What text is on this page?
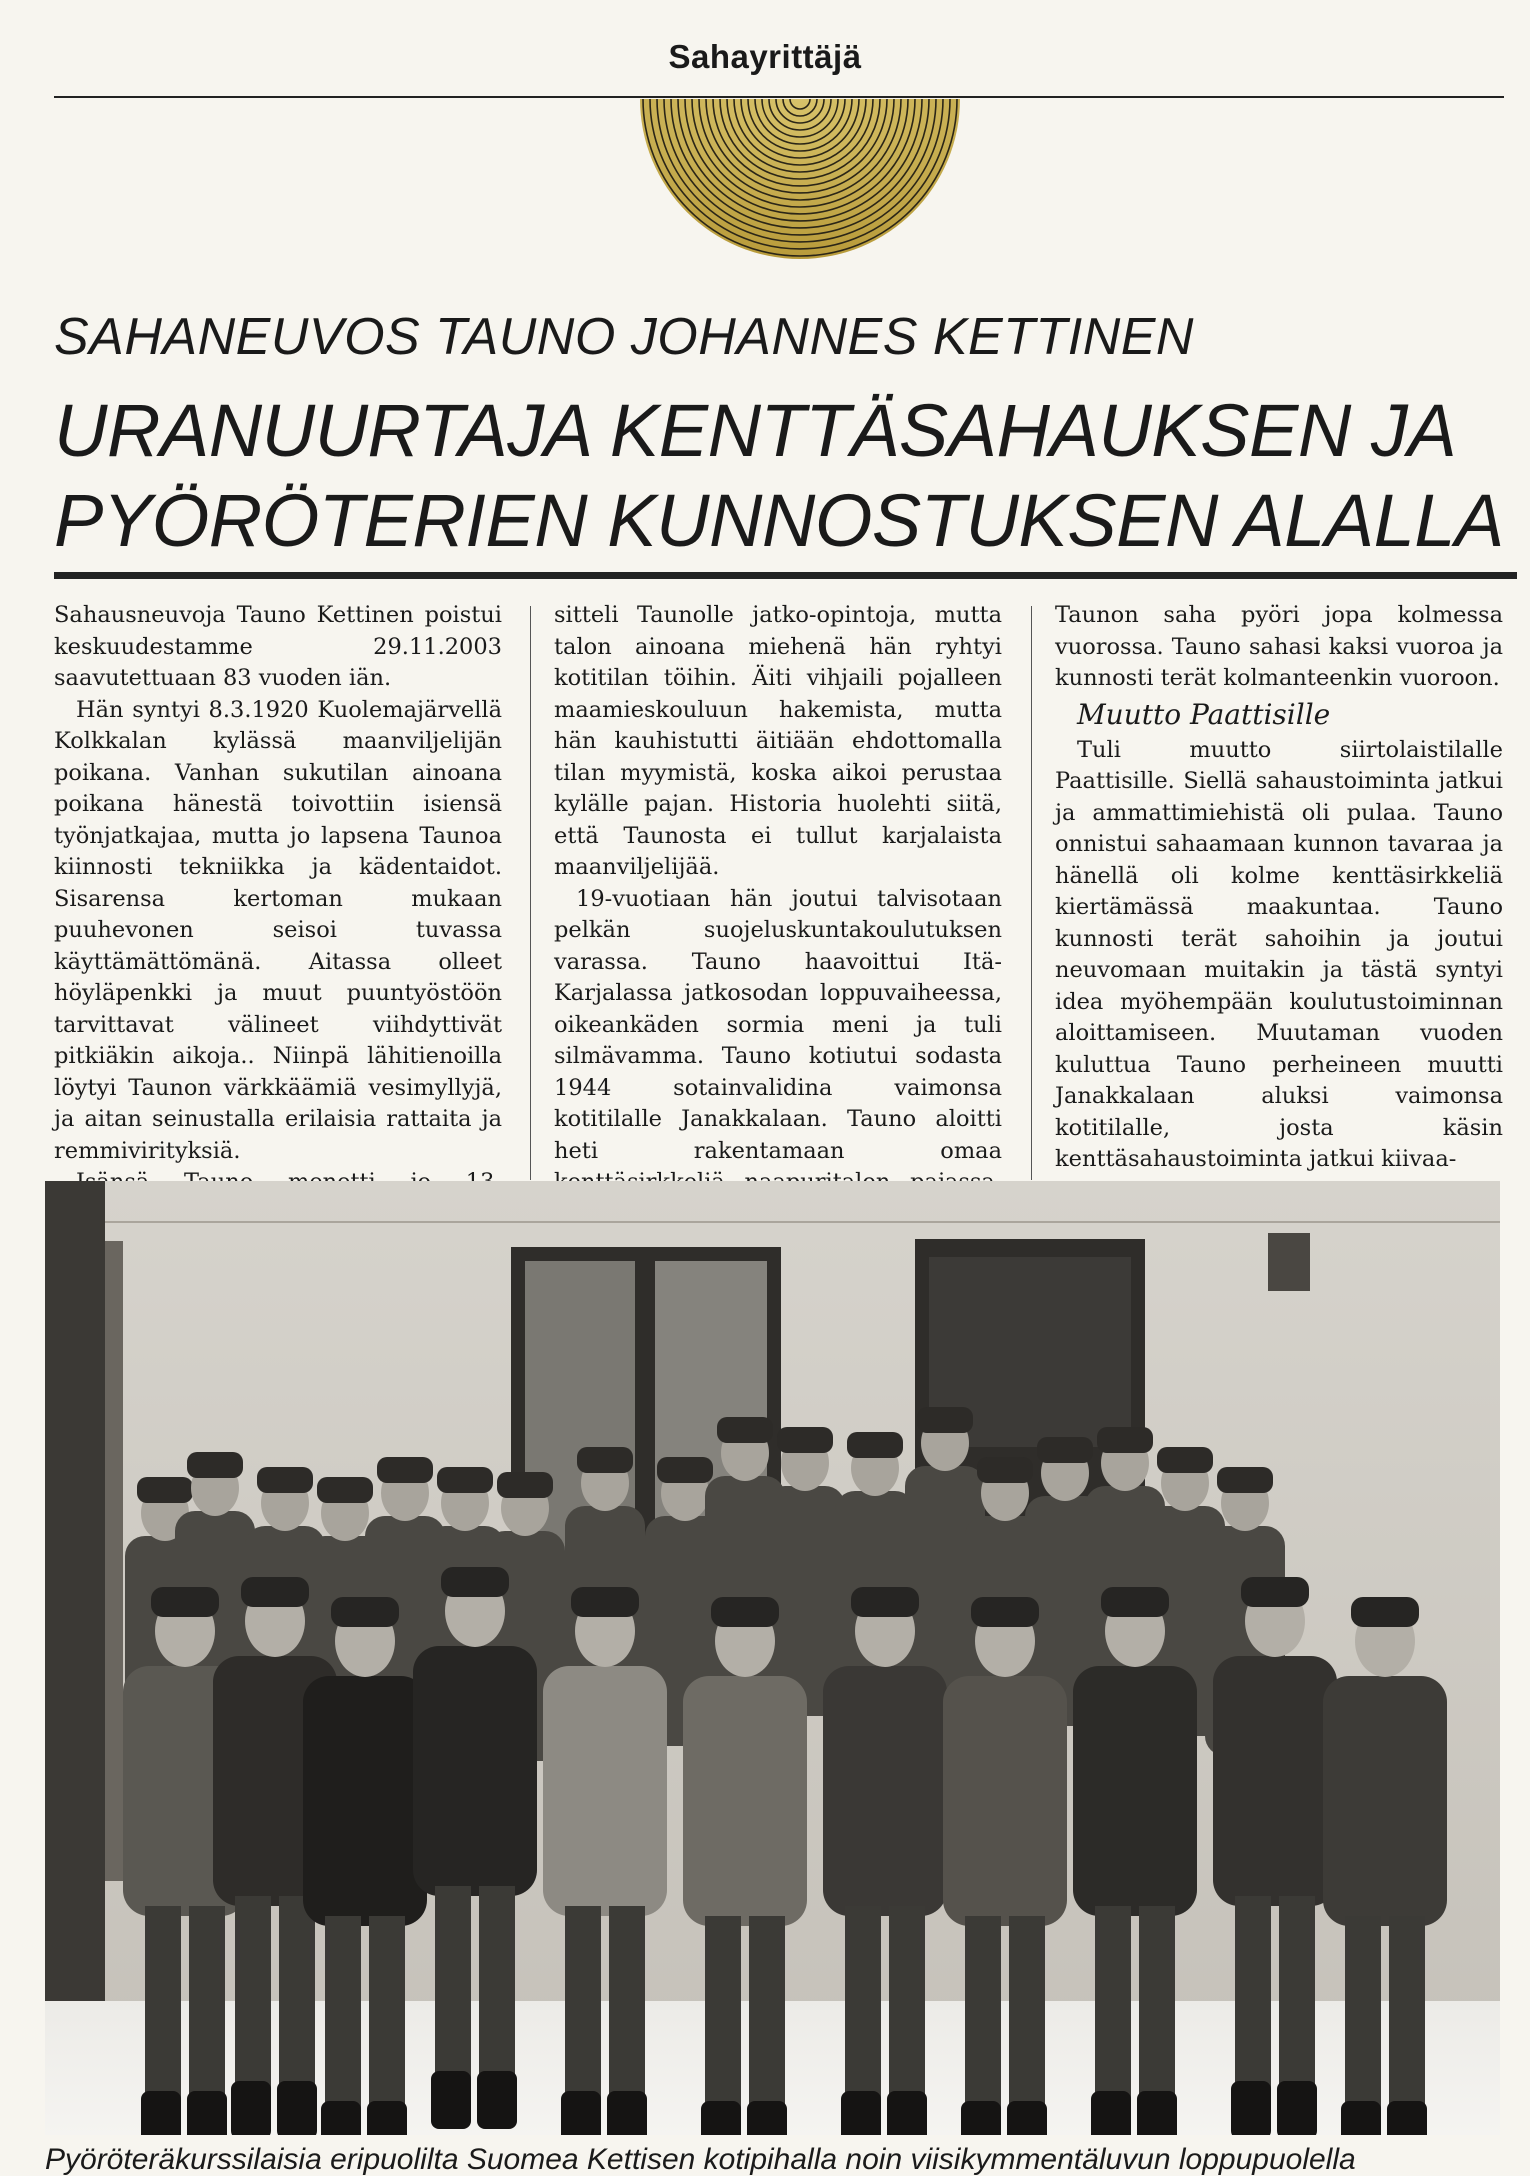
Sahayrittäjä
SAHANEUVOS TAUNO JOHANNES KETTINEN
URANUURTAJA KENTTÄSAHAUKSEN JA
PYÖRÖTERIEN KUNNOSTUKSEN ALALLA

Sahausneuvoja Tauno Kettinen poistui keskuudestamme 29.11.2003 saavutettuaan 83 vuoden iän.

Hän syntyi 8.3.1920 Kuolemajärvellä Kolkkalan kylässä maanviljelijän poikana. Vanhan sukutilan ainoana poikana hänestä toivottiin isiensä työnjatkajaa, mutta jo lapsena Taunoa kiinnosti tekniikka ja kädentaidot. Sisarensa kertoman mukaan puuhevonen seisoi tuvassa käyttämättömänä. Aitassa olleet höyläpenkki ja muut puuntyöstöön tarvittavat välineet viihdyttivät pitkiäkin aikoja.. Niinpä lähitienoilla löytyi Taunon värkkäämiä vesimyllyjä, ja aitan seinustalla erilaisia rattaita ja remmivirityksiä.

sitteli Taunolle jatko-opintoja, mutta talon ainoana miehenä hän ryhtyi kotitilan töihin. Äiti vihjaili pojalleen maamieskouluun hakemista, mutta hän kauhistutti äitiään ehdottomalla tilan myymistä, koska aikoi perustaa kylälle pajan. Historia huolehti siitä, että Taunosta ei tullut karjalaista maanviljelijää.

19-vuotiaan hän joutui talvisotaan pelkän suojeluskuntakoulutuksen varassa. Tauno haavoittui Itä-Karjalassa jatkosodan loppuvaiheessa, oikeankäden sormia meni ja tuli silmävamma. Tauno kotiutui sodasta 1944 sotainvalidina vaimonsa kotitilalle Janakkalaan. Tauno aloitti heti rakentamaan omaa

Taunon saha pyöri jopa kolmessa vuorossa. Tauno sahasi kaksi vuoroa ja kunnosti terät kolmanteenkin vuoroon.

Muutto Paattisille

Tuli muutto siirtolaistilalle Paattisille. Siellä sahaustoiminta jatkui ja ammattimiehistä oli pulaa. Tauno onnistui sahaamaan kunnon tavaraa ja hänellä oli kolme kenttäsirkkeliä kiertämässä maakuntaa. Tauno kunnosti terät sahoihin ja joutui neuvomaan muitakin ja tästä syntyi idea myöhempään koulutustoiminnan aloittamiseen. Muutaman vuoden kuluttua Tauno perheineen muutti Janakkalaan aluksi vaimonsa kotitilalle, josta käsin kenttäsahaustoiminta jatkui kiivaa-

Pyöröteräkurssilaisia eripuolilta Suomea Kettisen kotipihalla noin viisikymmentäluvun loppupuolella
